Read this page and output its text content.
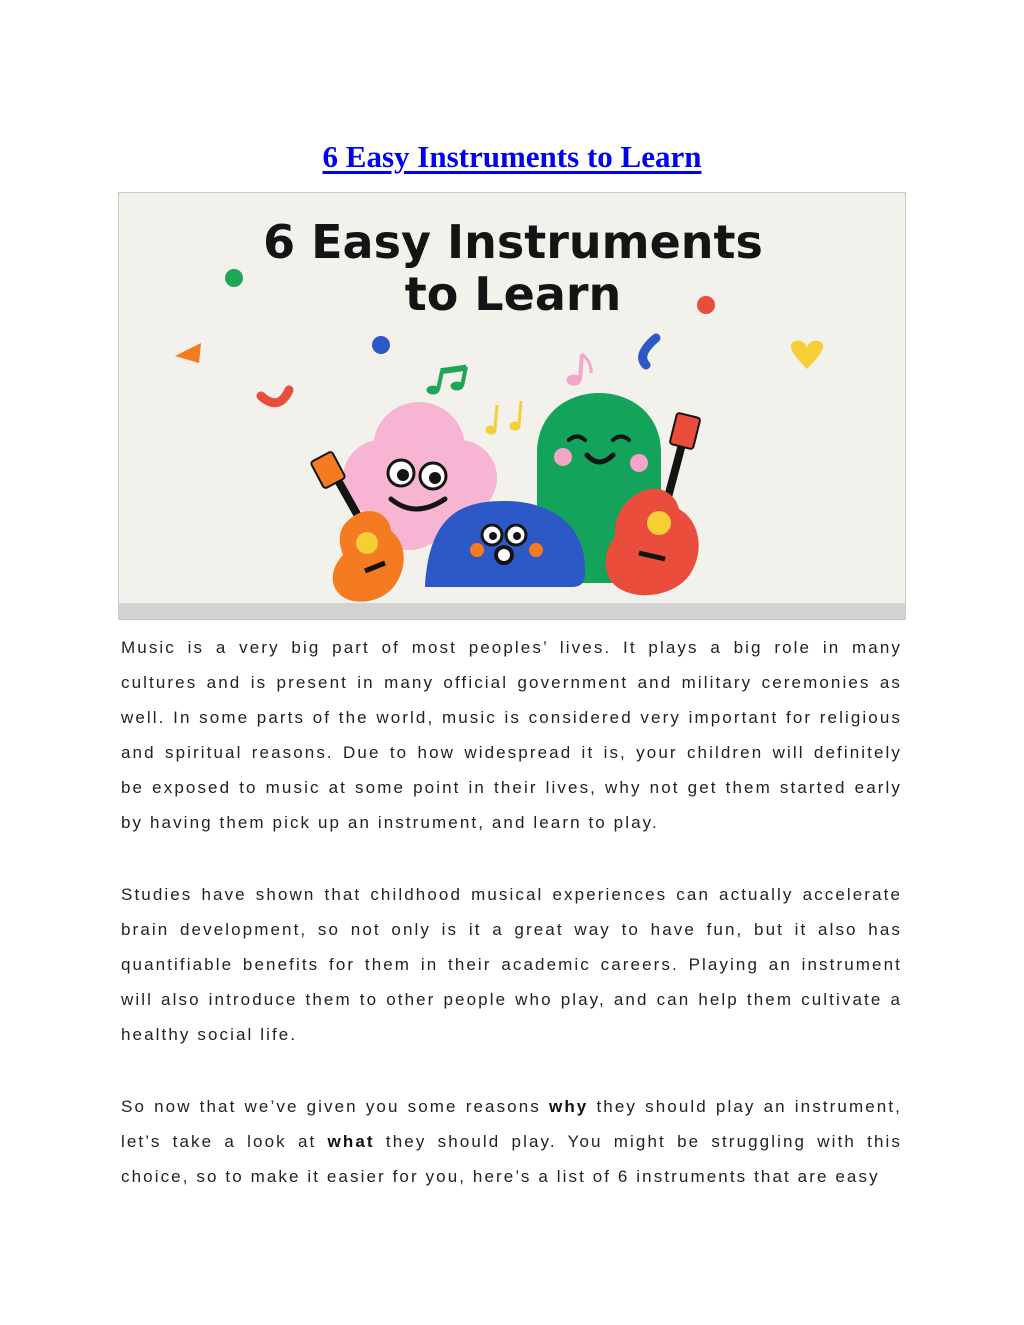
6 Easy Instruments to Learn
6 Easy Instruments
to Learn

Music is a very big part of most peoples’ lives. It plays a big role in many cultures and is present in many official government and military ceremonies as well. In some parts of the world, music is considered very important for religious and spiritual reasons. Due to how widespread it is, your children will definitely be exposed to music at some point in their lives, why not get them started early by having them pick up an instrument, and learn to play.

Studies have shown that childhood musical experiences can actually accelerate brain development, so not only is it a great way to have fun, but it also has quantifiable benefits for them in their academic careers. Playing an instrument will also introduce them to other people who play, and can help them cultivate a healthy social life.

So now that we’ve given you some reasons why they should play an instrument, let’s take a look at what they should play. You might be struggling with this choice, so to make it easier for you, here’s a list of 6 instruments that are easy
